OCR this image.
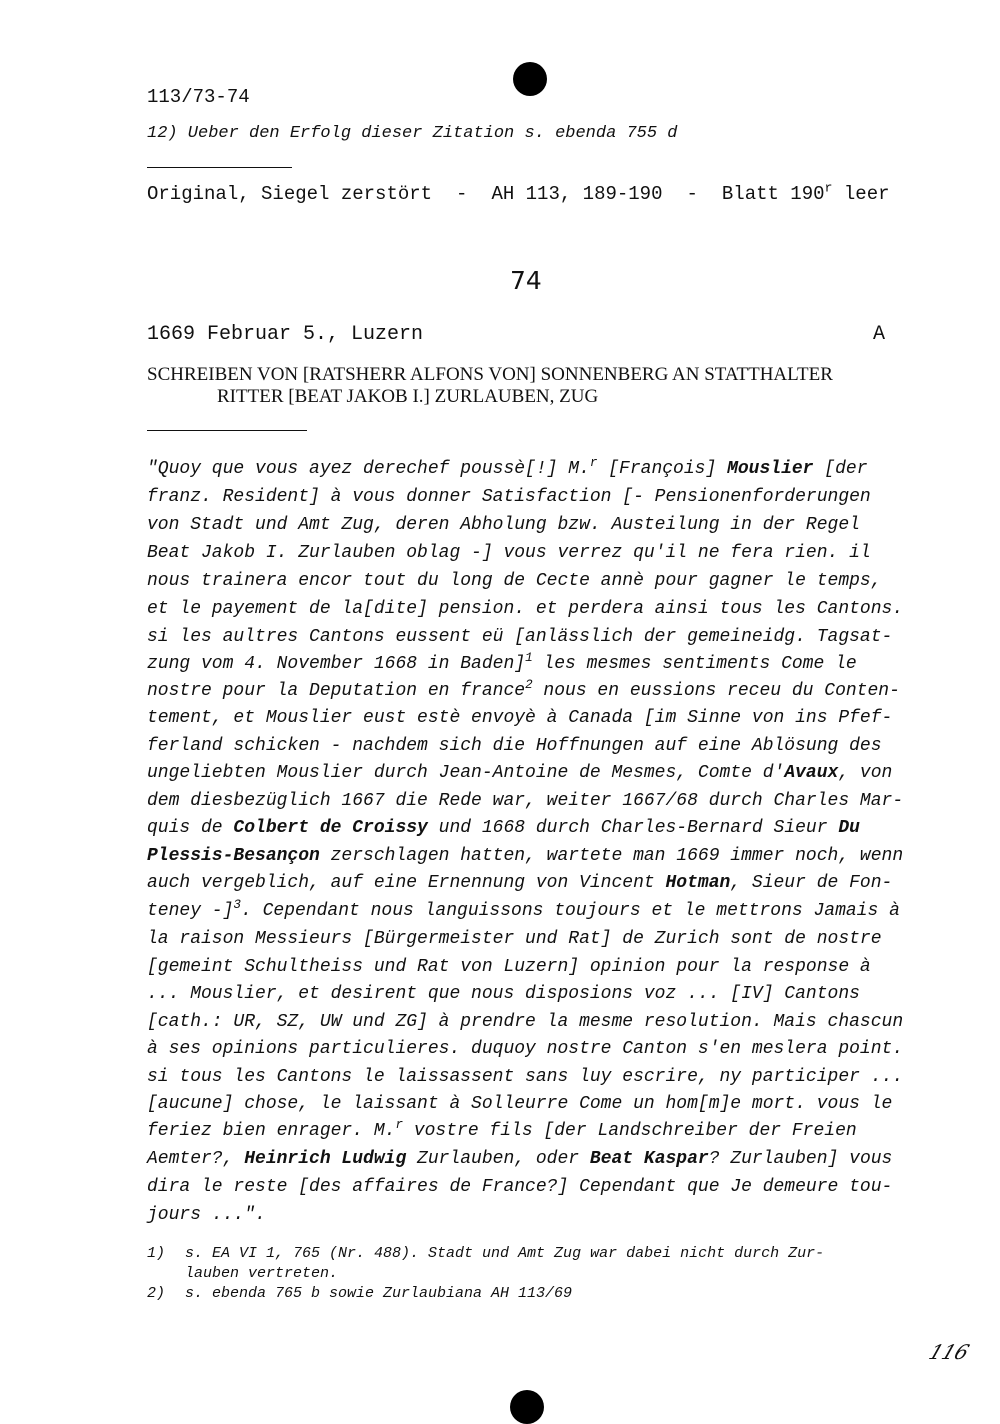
113/73-74
12) Ueber den Erfolg dieser Zitation s. ebenda 755 d
Original, Siegel zerstört - AH 113, 189-190 - Blatt 190$^r$ leer
74
1669 Februar 5., Luzern	A
SCHREIBEN VON [RATSHERR ALFONS VON] SONNENBERG AN STATTHALTER
RITTER [BEAT JAKOB I.] ZURLAUBEN, ZUG
"Quoy que vous ayez derechef poussè[!] M.$^r$ [François] Mouslier [der
franz. Resident] à vous donner Satisfaction [- Pensionenforderungen
von Stadt und Amt Zug, deren Abholung bzw. Austeilung in der Regel
Beat Jakob I. Zurlauben oblag -] vous verrez qu'il ne fera rien. il
nous trainera encor tout du long de Cecte annè pour gagner le temps,
et le payement de la[dite] pension. et perdera ainsi tous les Cantons.
si les aultres Cantons eussent eü [anlässlich der gemeineidg. Tagsat-
zung vom 4. November 1668 in Baden]$^1$ les mesmes sentiments Come le
nostre pour la Deputation en france$^2$ nous en eussions receu du Conten-
tement, et Mouslier eust estè envoyè à Canada [im Sinne von ins Pfef-
ferland schicken - nachdem sich die Hoffnungen auf eine Ablösung des
ungeliebten Mouslier durch Jean-Antoine de Mesmes, Comte d'Avaux, von
dem diesbezüglich 1667 die Rede war, weiter 1667/68 durch Charles Mar-
quis de Colbert de Croissy und 1668 durch Charles-Bernard Sieur Du
Plessis-Besançon zerschlagen hatten, wartete man 1669 immer noch, wenn
auch vergeblich, auf eine Ernennung von Vincent Hotman, Sieur de Fon-
teney -]$^3$. Cependant nous languissons toujours et le mettrons Jamais à
la raison Messieurs [Bürgermeister und Rat] de Zurich sont de nostre
[gemeint Schultheiss und Rat von Luzern] opinion pour la response à
... Mouslier, et desirent que nous disposions voz ... [IV] Cantons
[cath.: UR, SZ, UW und ZG] à prendre la mesme resolution. Mais chascun
à ses opinions particulieres. duquoy nostre Canton s'en meslera point.
si tous les Cantons le laissassent sans luy escrire, ny participer ...
[aucune] chose, le laissant à Solleurre Come un hom[m]e mort. vous le
feriez bien enrager. M.$^r$ vostre fils [der Landschreiber der Freien
Aemter?, Heinrich Ludwig Zurlauben, oder Beat Kaspar? Zurlauben] vous
dira le reste [des affaires de France?] Cependant que Je demeure tou-
jours ...".
1) s. EA VI 1, 765 (Nr. 488). Stadt und Amt Zug war dabei nicht durch Zur-
lauben vertreten.
2) s. ebenda 765 b sowie Zurlaubiana AH 113/69
116
